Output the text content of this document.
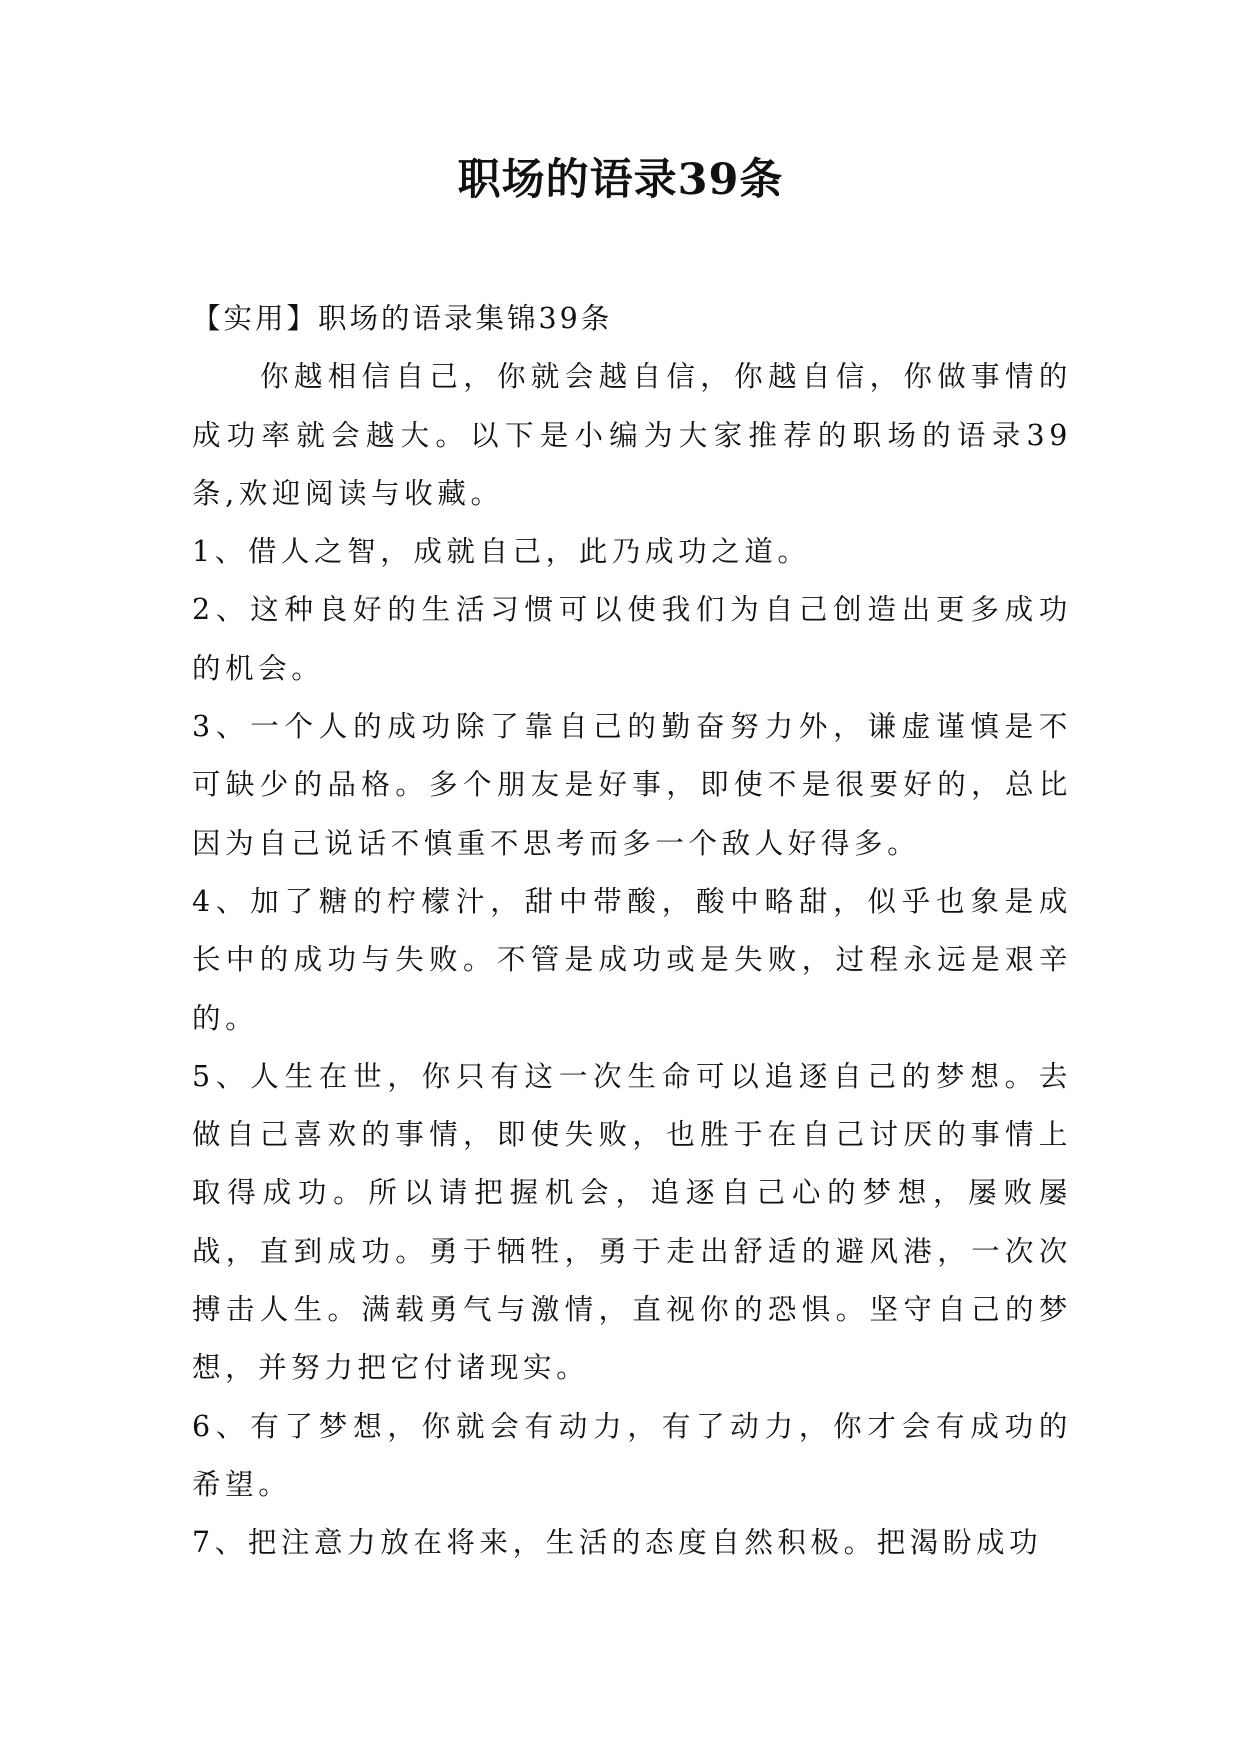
职场的语录39条

【实用】职场的语录集锦39条

你越相信自己，你就会越自信，你越自信，你做事情的成功率就会越大。以下是小编为大家推荐的职场的语录39条,欢迎阅读与收藏。

1、借人之智，成就自己，此乃成功之道。

2、这种良好的生活习惯可以使我们为自己创造出更多成功的机会。

3、一个人的成功除了靠自己的勤奋努力外，谦虚谨慎是不可缺少的品格。多个朋友是好事，即使不是很要好的，总比因为自己说话不慎重不思考而多一个敌人好得多。

4、加了糖的柠檬汁，甜中带酸，酸中略甜，似乎也象是成长中的成功与失败。不管是成功或是失败，过程永远是艰辛的。

5、人生在世，你只有这一次生命可以追逐自己的梦想。去做自己喜欢的事情，即使失败，也胜于在自己讨厌的事情上取得成功。所以请把握机会，追逐自己心的梦想，屡败屡战，直到成功。勇于牺牲，勇于走出舒适的避风港，一次次搏击人生。满载勇气与激情，直视你的恐惧。坚守自己的梦想，并努力把它付诸现实。

6、有了梦想，你就会有动力，有了动力，你才会有成功的希望。

7、把注意力放在将来，生活的态度自然积极。把渴盼成功
